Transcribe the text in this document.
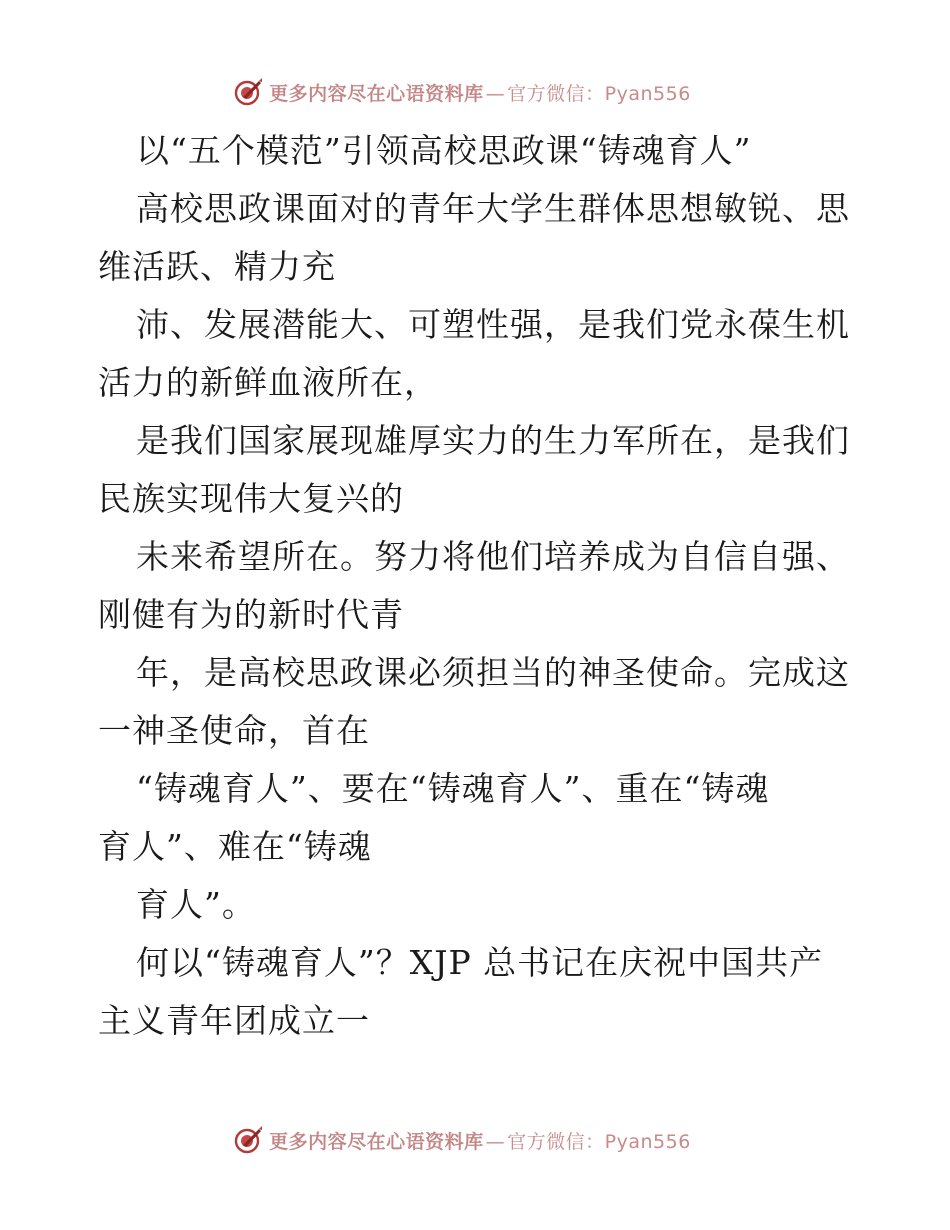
更多内容尽在心语资料库 — 官方微信：Pyan556
以“五个模范”引领高校思政课“铸魂育人”
高校思政课面对的青年大学生群体思想敏锐、思
维活跃、精力充
沛、发展潜能大、可塑性强，是我们党永葆生机
活力的新鲜血液所在，
是我们国家展现雄厚实力的生力军所在，是我们
民族实现伟大复兴的
未来希望所在。努力将他们培养成为自信自强、
刚健有为的新时代青
年，是高校思政课必须担当的神圣使命。完成这
一神圣使命，首在
“铸魂育人”、要在“铸魂育人”、重在“铸魂
育人”、难在“铸魂
育人”。
何以“铸魂育人”？XJP 总书记在庆祝中国共产
主义青年团成立一
更多内容尽在心语资料库 — 官方微信：Pyan556
